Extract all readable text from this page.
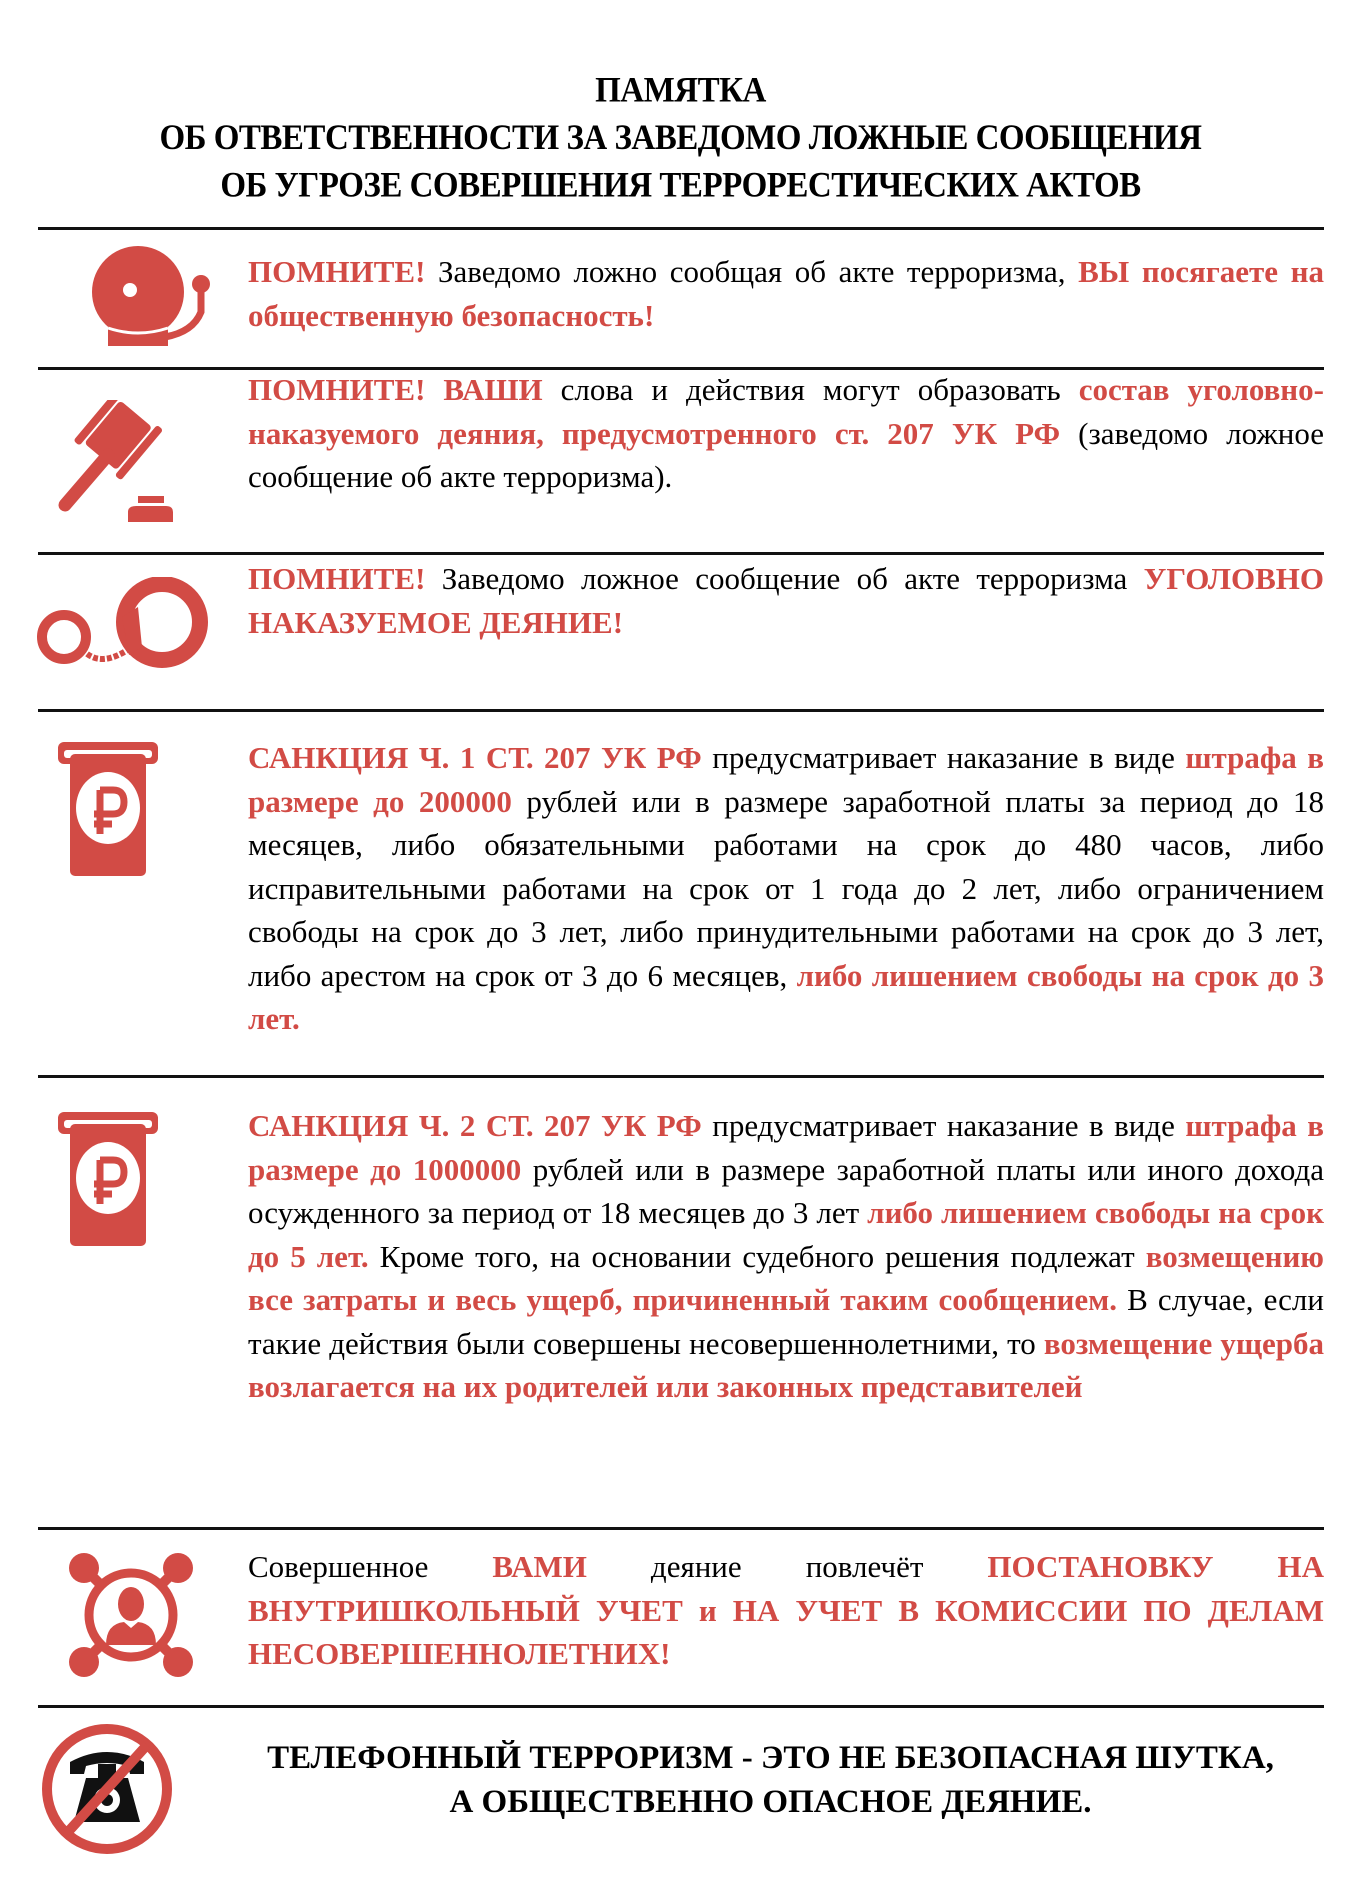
ПАМЯТКА
ОБ ОТВЕТСТВЕННОСТИ ЗА ЗАВЕДОМО ЛОЖНЫЕ СООБЩЕНИЯ
ОБ УГРОЗЕ СОВЕРШЕНИЯ ТЕРРОРЕСТИЧЕСКИХ АКТОВ
ПОМНИТЕ! Заведомо ложно сообщая об акте терроризма, ВЫ посягаете на общественную безопасность!
ПОМНИТЕ! ВАШИ слова и действия могут образовать состав уголовно-наказуемого деяния, предусмотренного ст. 207 УК РФ (заведомо ложное сообщение об акте терроризма).
ПОМНИТЕ! Заведомо ложное сообщение об акте терроризма УГОЛОВНО НАКАЗУЕМОЕ ДЕЯНИЕ!
САНКЦИЯ Ч. 1 СТ. 207 УК РФ предусматривает наказание в виде штрафа в размере до 200000 рублей или в размере заработной платы за период до 18 месяцев, либо обязательными работами на срок до 480 часов, либо исправительными работами на срок от 1 года до 2 лет, либо ограничением свободы на срок до 3 лет, либо принудительными работами на срок до 3 лет, либо арестом на срок от 3 до 6 месяцев, либо лишением свободы на срок до 3 лет.
САНКЦИЯ Ч. 2 СТ. 207 УК РФ предусматривает наказание в виде штрафа в размере до 1000000 рублей или в размере заработной платы или иного дохода осужденного за период от 18 месяцев до 3 лет либо лишением свободы на срок до 5 лет. Кроме того, на основании судебного решения подлежат возмещению все затраты и весь ущерб, причиненный таким сообщением. В случае, если такие действия были совершены несовершеннолетними, то возмещение ущерба возлагается на их родителей или законных представителей
Совершенное ВАМИ деяние повлечёт ПОСТАНОВКУ НА ВНУТРИШКОЛЬНЫЙ УЧЕТ и НА УЧЕТ В КОМИССИИ ПО ДЕЛАМ НЕСОВЕРШЕННОЛЕТНИХ!
ТЕЛЕФОННЫЙ ТЕРРОРИЗМ - ЭТО НЕ БЕЗОПАСНАЯ ШУТКА,
А ОБЩЕСТВЕННО ОПАСНОЕ ДЕЯНИЕ.
